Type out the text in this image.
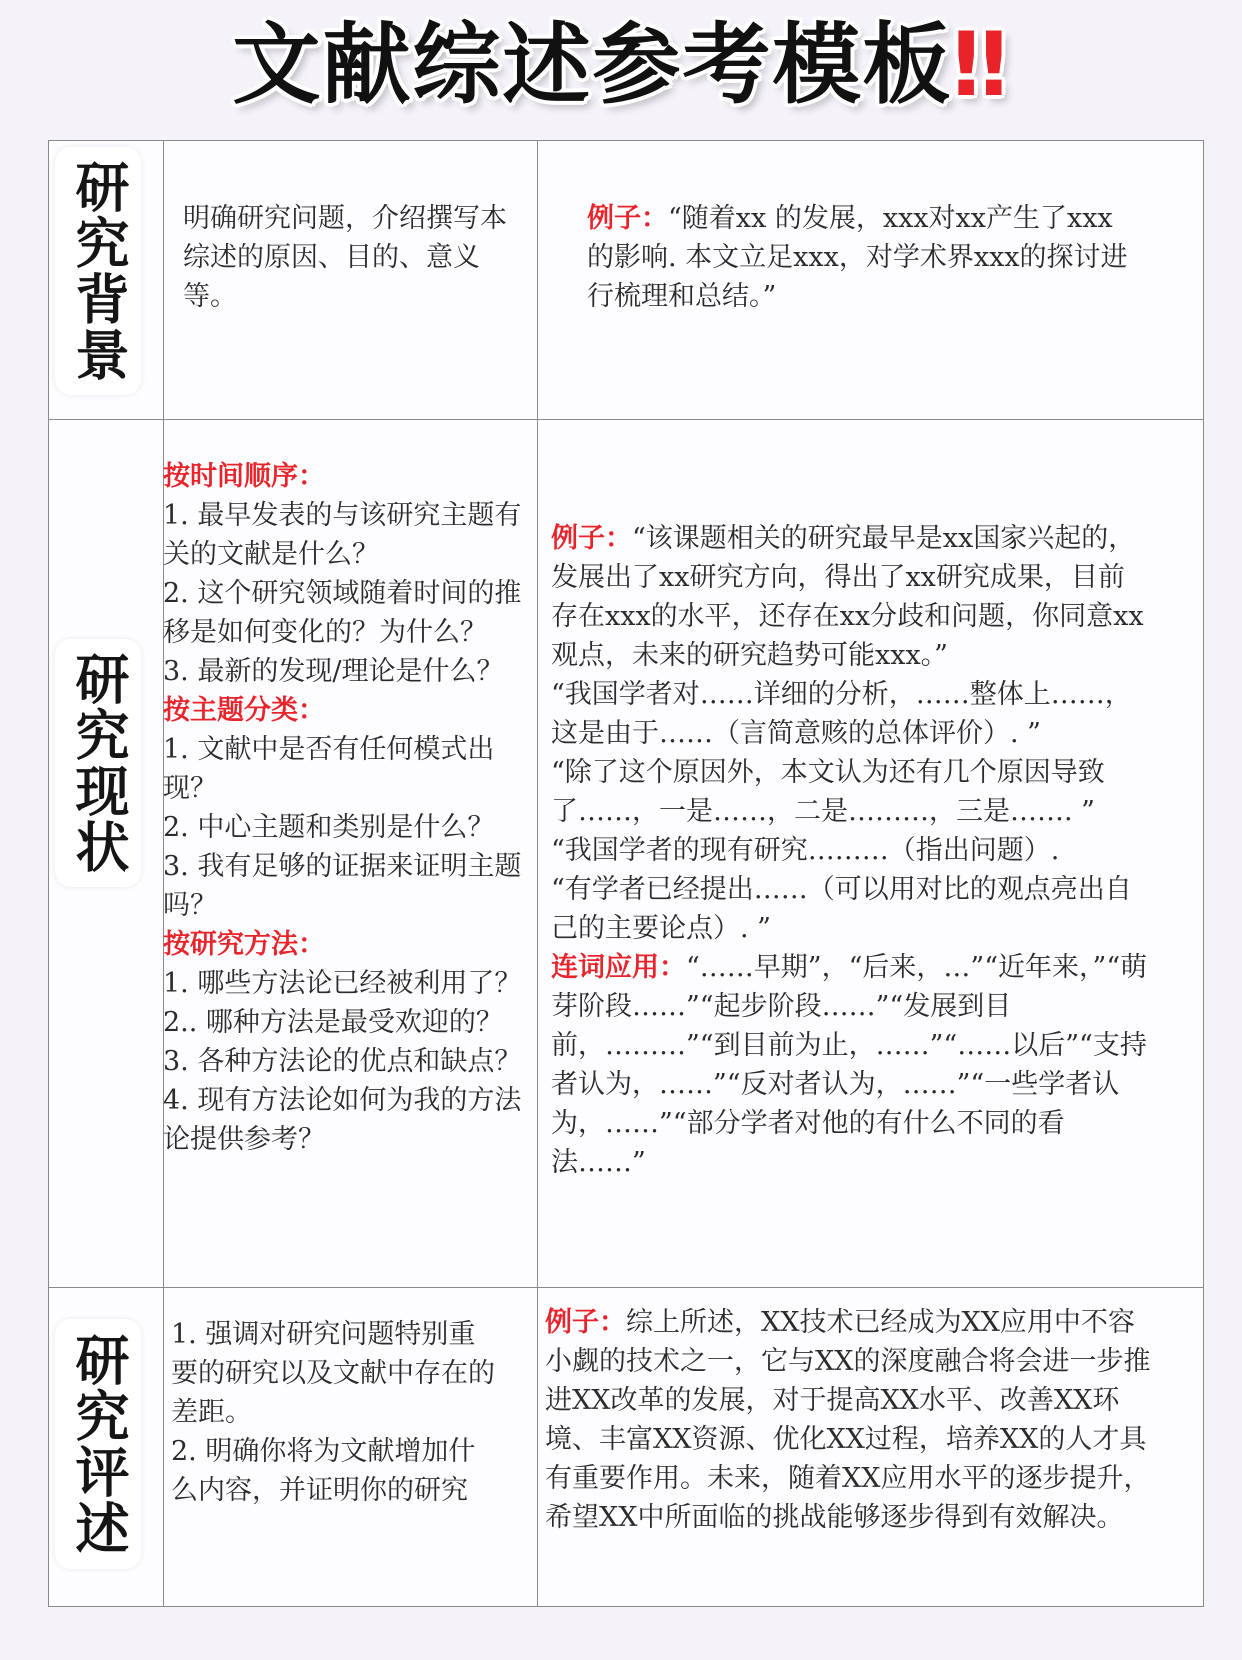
文献综述参考模板‼
研究背景 明确研究问题，介绍撰写本综述的原因、目的、意义等。

例子：“随着xx 的发展，xxx对xx产生了xxx 的影响. 本文立足xxx，对学术界xxx的探讨进行梳理和总结。”

研究现状

按时间顺序：

1. 最早发表的与该研究主题有关的文献是什么？

2. 这个研究领域随着时间的推移是如何变化的？为什么？

3. 最新的发现/理论是什么？

按主题分类：

1. 文献中是否有任何模式出现？

2. 中心主题和类别是什么？

3. 我有足够的证据来证明主题吗？

按研究方法：

1. 哪些方法论已经被利用了？

2.. 哪种方法是最受欢迎的？

3. 各种方法论的优点和缺点？

4. 现有方法论如何为我的方法论提供参考？

例子：“该课题相关的研究最早是xx国家兴起的，发展出了xx研究方向，得出了xx研究成果，目前存在xxx的水平，还存在xx分歧和问题，你同意xx观点，未来的研究趋势可能xxx。”

“我国学者对……详细的分析，……整体上……，这是由于……（言简意赅的总体评价）. ”

“除了这个原因外，本文认为还有几个原因导致了……，一是……，二是………，三是……. ”

“我国学者的现有研究………（指出问题）.

“有学者已经提出……（可以用对比的观点亮出自己的主要论点）. ”

连词应用：“……早期”，“后来，…”“近年来，”“萌芽阶段……”“起步阶段……”“发展到目前，………”“到目前为止，……”“……以后”“支持者认为，……”“反对者认为，……”“一些学者认为，……”“部分学者对他的有什么不同的看法……”

研究评述 1. 强调对研究问题特别重要的研究以及文献中存在的差距。

2. 明确你将为文献增加什么内容，并证明你的研究

例子：综上所述，XX技术已经成为XX应用中不容小觑的技术之一，它与XX的深度融合将会进一步推进XX改革的发展，对于提高XX水平、改善XX环境、丰富XX资源、优化XX过程，培养XX的人才具有重要作用。未来，随着XX应用水平的逐步提升，希望XX中所面临的挑战能够逐步得到有效解决。
